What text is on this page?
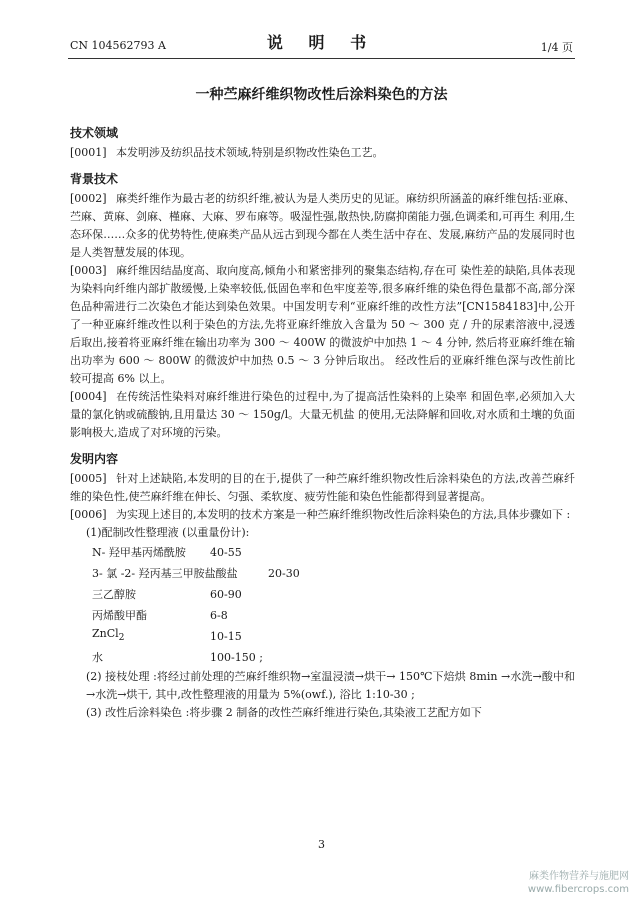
CN 104562793 A	说 明 书	1/4 页
一种苎麻纤维织物改性后涂料染色的方法
技术领域

[0001] 本发明涉及纺织品技术领域,特别是织物改性染色工艺。

背景技术

[0002] 麻类纤维作为最古老的纺织纤维,被认为是人类历史的见证。麻纺织所涵盖的麻纤维包括:亚麻、苎麻、黄麻、剑麻、槿麻、大麻、罗布麻等。吸湿性强,散热快,防腐抑菌能力强,色调柔和,可再生 利用,生态环保……众多的优势特性,使麻类产品从远古到现今都在人类生活中存在、发展,麻纺产品的发展同时也是人类智慧发展的体现。

[0003] 麻纤维因结晶度高、取向度高,倾角小和紧密排列的聚集态结构,存在可 染性差的缺陷,具体表现为染料向纤维内部扩散缓慢,上染率较低,低固色率和色牢度差等,很多麻纤维的染色得色量都不高,部分深色品种需进行二次染色才能达到染色效果。中国发明专利“亚麻纤维的改性方法”[CN1584183]中,公开了一种亚麻纤维改性以利于染色的方法,先将亚麻纤维放入含量为 50 ～ 300 克 / 升的尿素溶液中,浸透后取出,接着将亚麻纤维在输出功率为 300 ～ 400W 的微波炉中加热 1 ～ 4 分钟, 然后将亚麻纤维在输出功率为 600 ～ 800W 的微波炉中加热 0.5 ～ 3 分钟后取出。 经改性后的亚麻纤维色深与改性前比较可提高 6% 以上。

[0004] 在传统活性染料对麻纤维进行染色的过程中,为了提高活性染料的上染率 和固色率,必须加入大量的氯化钠或硫酸钠,且用量达 30 ～ 150g/l。大量无机盐 的使用,无法降解和回收,对水质和土壤的负面影响极大,造成了对环境的污染。

发明内容

[0005] 针对上述缺陷,本发明的目的在于,提供了一种苎麻纤维织物改性后涂料染色的方法,改善苎麻纤维的染色性,使苎麻纤维在伸长、匀强、柔软度、疲劳性能和染色性能都得到显著提高。

[0006] 为实现上述目的,本发明的技术方案是一种苎麻纤维织物改性后涂料染色的方法,具体步骤如下 :

(1)配制改性整理液 (以重量份计):

N- 羟甲基丙烯酰胺	40-55
3- 氯 -2- 羟丙基三甲胺盐酸盐	20-30
三乙醇胺	60-90
丙烯酸甲酯	6-8
ZnCl$_2$	10-15
水	100-150 ;

(2) 接枝处理 :将经过前处理的苎麻纤维织物→室温浸渍→烘干→ 150℃下焙烘 8min →水洗→酸中和→水洗→烘干, 其中,改性整理液的用量为 5%(owf.), 浴比 1:10-30 ;

(3) 改性后涂料染色 :将步骤 2 制备的改性苎麻纤维进行染色,其染液工艺配方如下

3
麻类作物营养与施肥网
www.fibercrops.com
